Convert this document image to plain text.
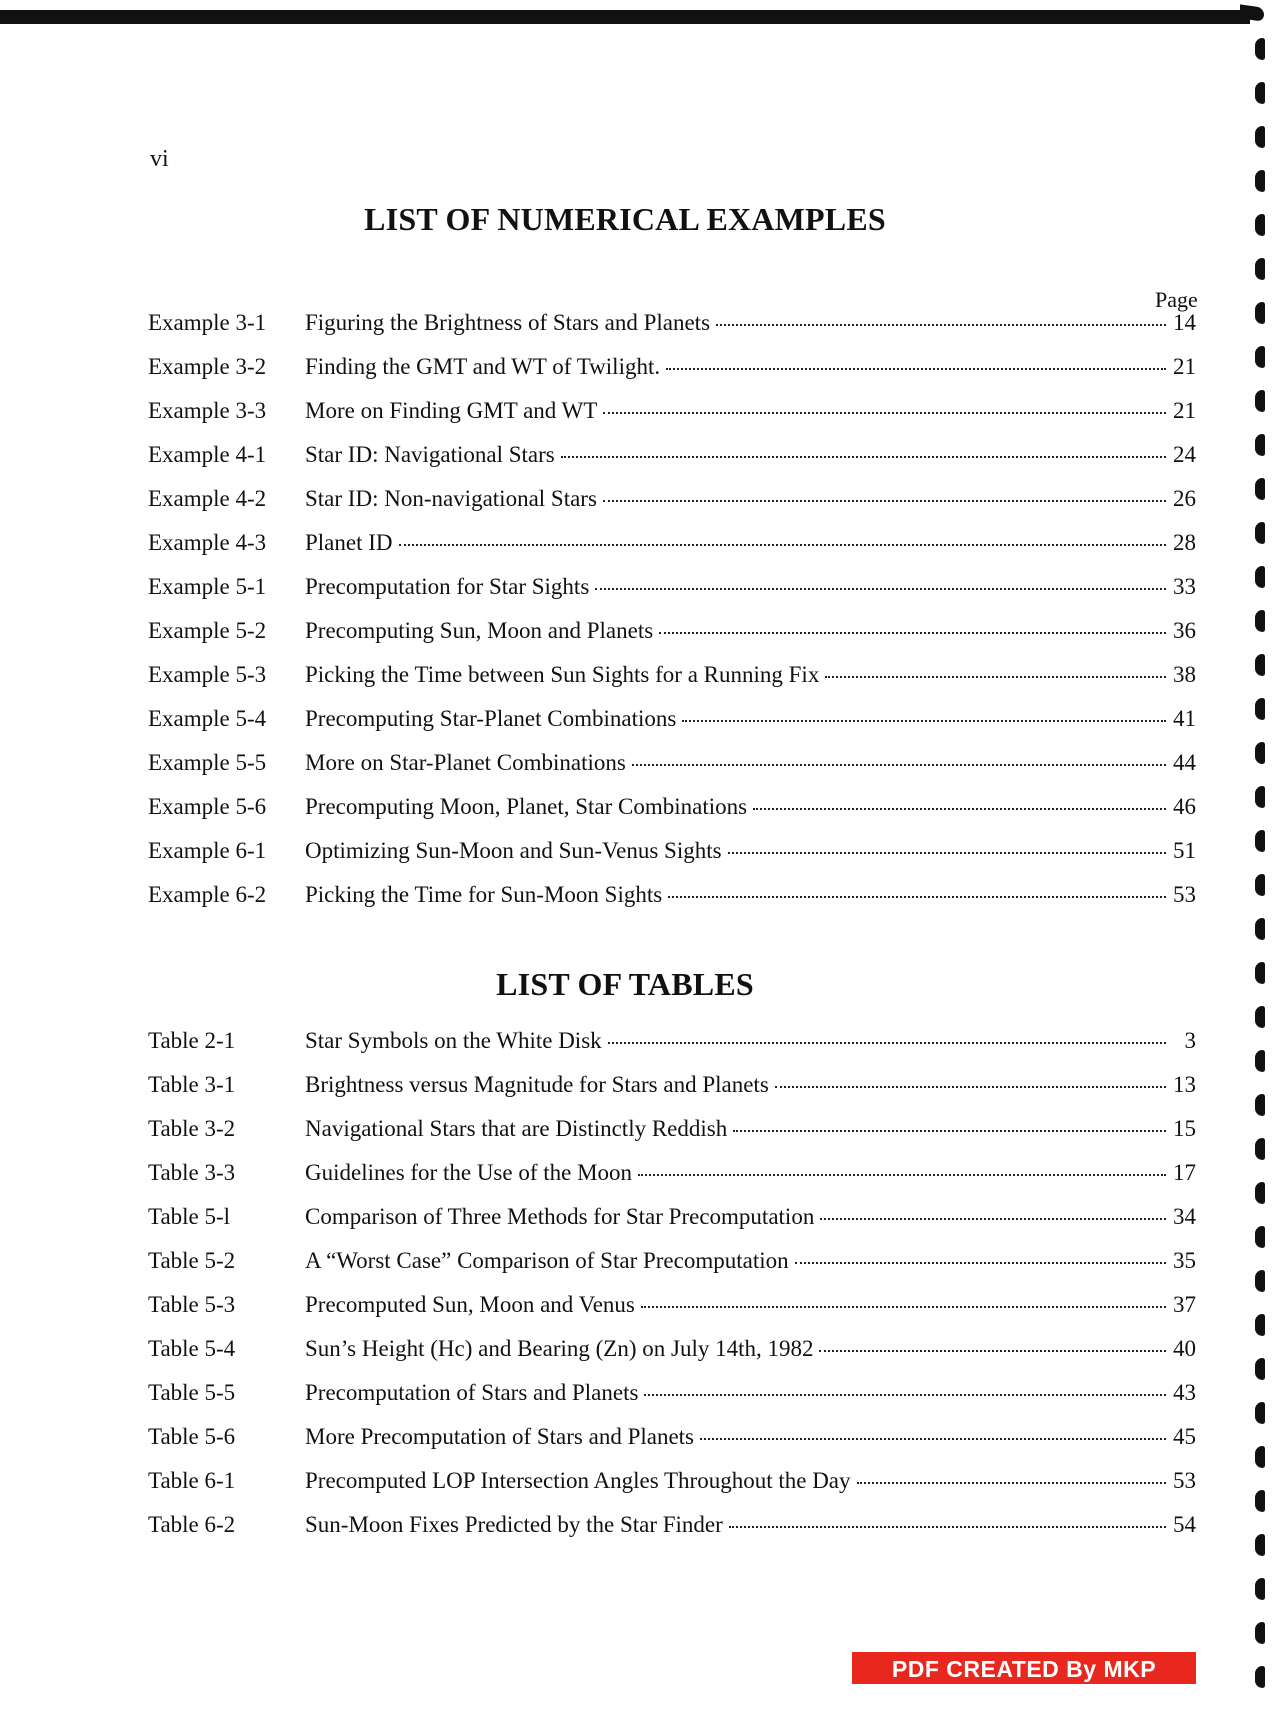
vi
LIST OF NUMERICAL EXAMPLES
Page
Example 3-1	Figuring the Brightness of Stars and Planets	14
Example 3-2	Finding the GMT and WT of Twilight.	21
Example 3-3	More on Finding GMT and WT	21
Example 4-1	Star ID: Navigational Stars	24
Example 4-2	Star ID: Non-navigational Stars	26
Example 4-3	Planet ID	28
Example 5-1	Precomputation for Star Sights	33
Example 5-2	Precomputing Sun, Moon and Planets	36
Example 5-3	Picking the Time between Sun Sights for a Running Fix	38
Example 5-4	Precomputing Star-Planet Combinations	41
Example 5-5	More on Star-Planet Combinations	44
Example 5-6	Precomputing Moon, Planet, Star Combinations	46
Example 6-1	Optimizing Sun-Moon and Sun-Venus Sights	51
Example 6-2	Picking the Time for Sun-Moon Sights	53
LIST OF TABLES
Table 2-1	Star Symbols on the White Disk	3
Table 3-1	Brightness versus Magnitude for Stars and Planets	13
Table 3-2	Navigational Stars that are Distinctly Reddish	15
Table 3-3	Guidelines for the Use of the Moon	17
Table 5-l	Comparison of Three Methods for Star Precomputation	34
Table 5-2	A “Worst Case” Comparison of Star Precomputation	35
Table 5-3	Precomputed Sun, Moon and Venus	37
Table 5-4	Sun’s Height (Hc) and Bearing (Zn) on July 14th, 1982	40
Table 5-5	Precomputation of Stars and Planets	43
Table 5-6	More Precomputation of Stars and Planets	45
Table 6-1	Precomputed LOP Intersection Angles Throughout the Day	53
Table 6-2	Sun-Moon Fixes Predicted by the Star Finder	54
PDF CREATED By MKP
